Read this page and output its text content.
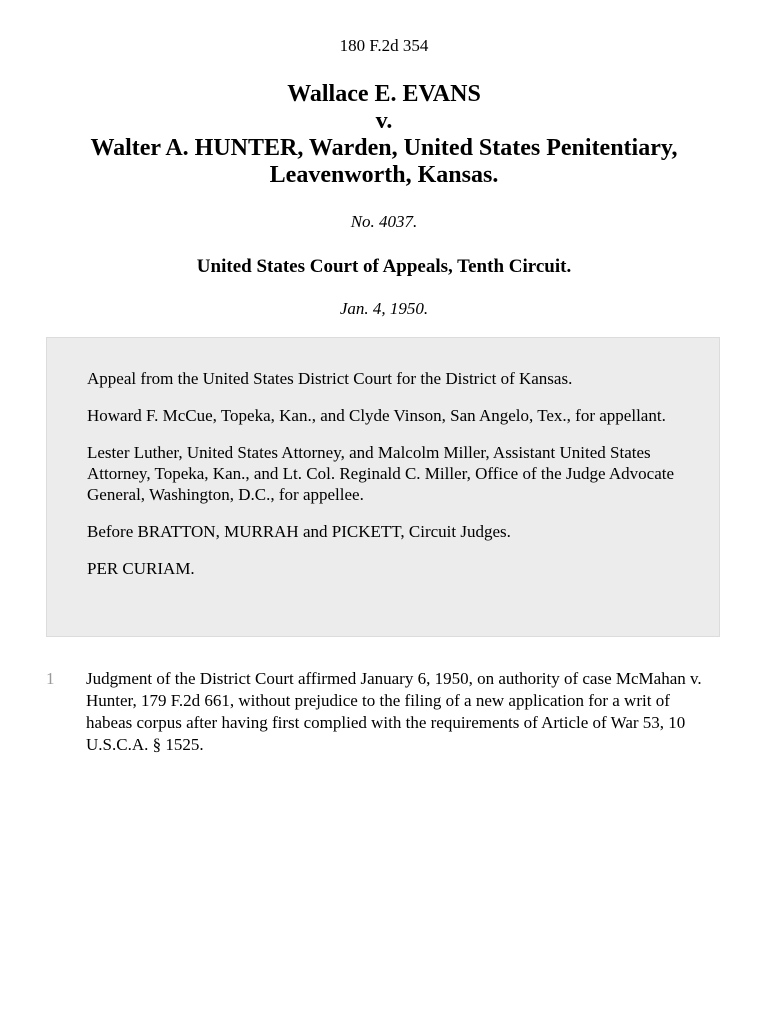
180 F.2d 354
Wallace E. EVANS
v.
Walter A. HUNTER, Warden, United States Penitentiary,
Leavenworth, Kansas.
No. 4037.
United States Court of Appeals, Tenth Circuit.
Jan. 4, 1950.

Appeal from the United States District Court for the District of Kansas.

Howard F. McCue, Topeka, Kan., and Clyde Vinson, San Angelo, Tex., for appellant.

Lester Luther, United States Attorney, and Malcolm Miller, Assistant United States Attorney, Topeka, Kan., and Lt. Col. Reginald C. Miller, Office of the Judge Advocate General, Washington, D.C., for appellee.

Before BRATTON, MURRAH and PICKETT, Circuit Judges.

PER CURIAM.

1 Judgment of the District Court affirmed January 6, 1950, on authority of case McMahan v. Hunter, 179 F.2d 661, without prejudice to the filing of a new application for a writ of habeas corpus after having first complied with the requirements of Article of War 53, 10 U.S.C.A. § 1525.
